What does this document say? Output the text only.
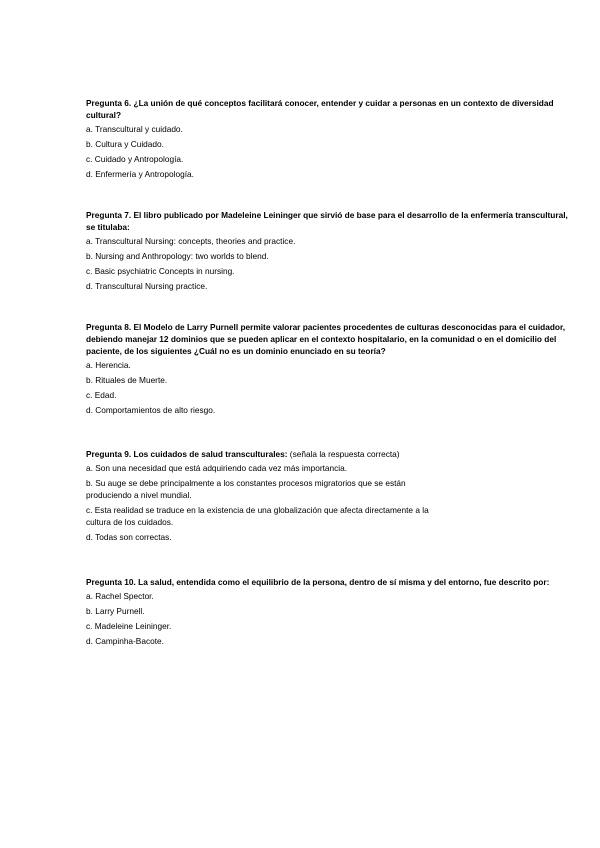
Pregunta 6. ¿La unión de qué conceptos facilitará conocer, entender y cuidar a personas en un contexto de diversidad cultural?

a. Transcultural y cuidado.
b. Cultura y Cuidado.
c. Cuidado y Antropología.
d. Enfermería y Antropología.

Pregunta 7. El libro publicado por Madeleine Leininger que sirvió de base para el desarrollo de la enfermería transcultural, se titulaba:

a. Transcultural Nursing: concepts, theories and practice.
b. Nursing and Anthropology: two worlds to blend.
c. Basic psychiatric Concepts in nursing.
d. Transcultural Nursing practice.

Pregunta 8. El Modelo de Larry Purnell permite valorar pacientes procedentes de culturas desconocidas para el cuidador, debiendo manejar 12 dominios que se pueden aplicar en el contexto hospitalario, en la comunidad o en el domicilio del paciente, de los siguientes ¿Cuál no es un dominio enunciado en su teoría?

a. Herencia.
b. Rituales de Muerte.
c. Edad.
d. Comportamientos de alto riesgo.

Pregunta 9. Los cuidados de salud transculturales: (señala la respuesta correcta)

a. Son una necesidad que está adquiriendo cada vez más importancia.
b. Su auge se debe principalmente a los constantes procesos migratorios que se están
produciendo a nivel mundial.
c. Esta realidad se traduce en la existencia de una globalización que afecta directamente a la
cultura de los cuidados.
d. Todas son correctas.

Pregunta 10. La salud, entendida como el equilibrio de la persona, dentro de sí misma y del entorno, fue descrito por:

a. Rachel Spector.
b. Larry Purnell.
c. Madeleine Leininger.
d. Campinha-Bacote.
